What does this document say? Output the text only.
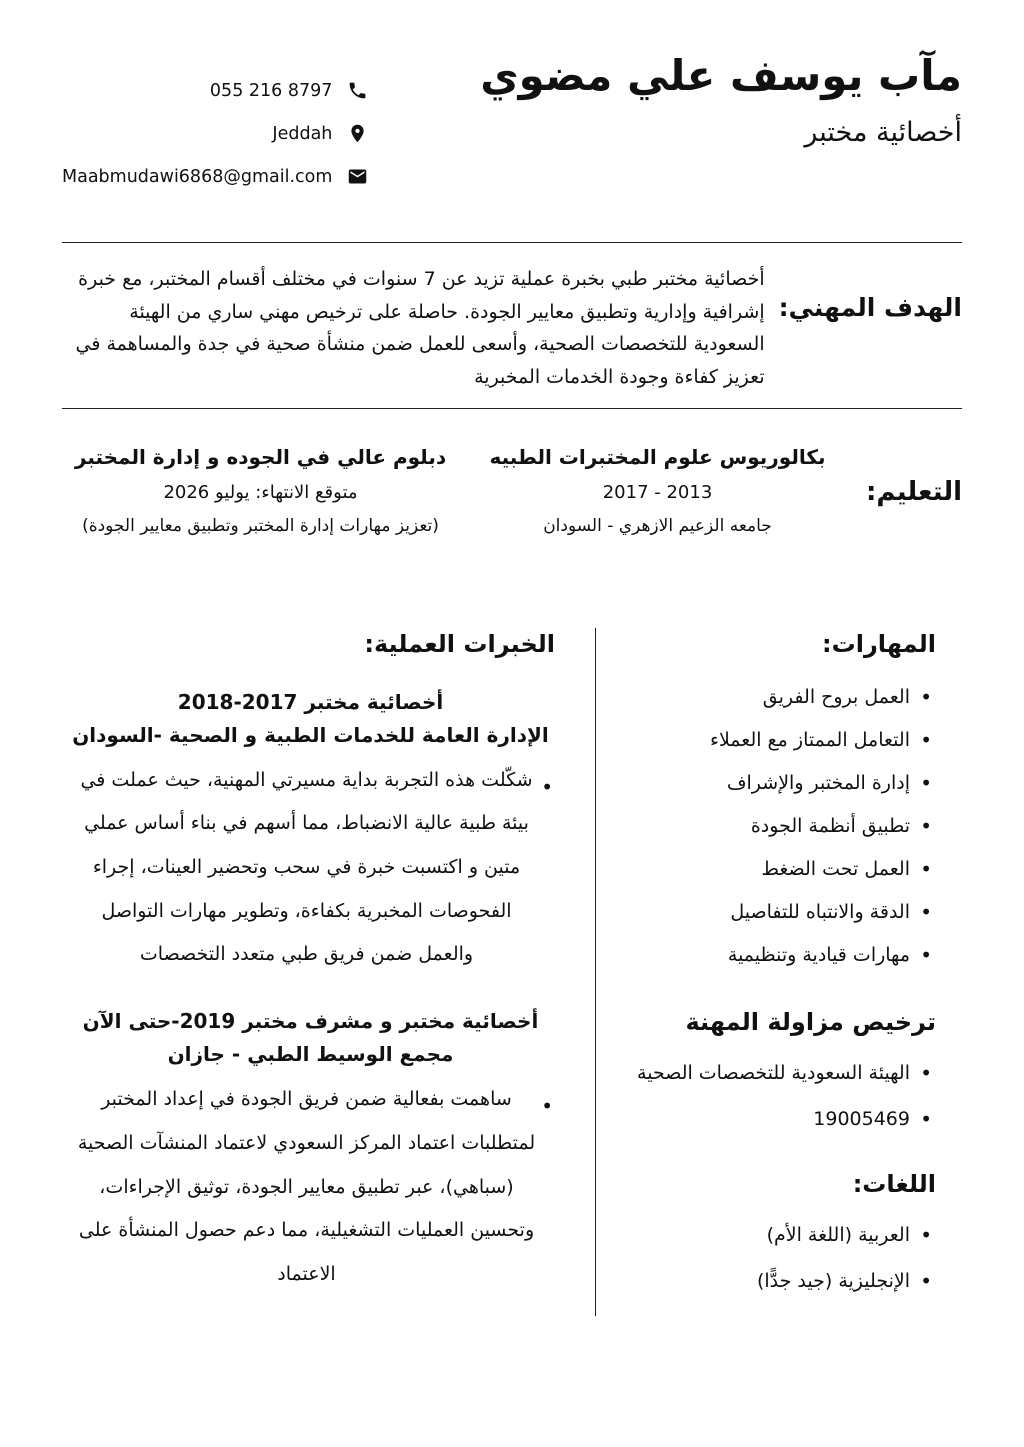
055 216 8797
Jeddah
Maabmudawi6868@gmail.com
مآب يوسف علي مضوي
أخصائية مختبر
الهدف المهني:

أخصائية مختبر طبي بخبرة عملية تزيد عن 7 سنوات في مختلف أقسام المختبر، مع خبرة إشرافية وإدارية وتطبيق معايير الجودة. حاصلة على ترخيص مهني ساري من الهيئة السعودية للتخصصات الصحية، وأسعى للعمل ضمن منشأة صحية في جدة والمساهمة في تعزيز كفاءة وجودة الخدمات المخبرية

التعليم:
بكالوريوس علوم المختبرات الطبيه
2013 - 2017
جامعه الزعيم الازهري - السودان
دبلوم عالي في الجوده و إدارة المختبر
متوقع الانتهاء: يوليو 2026
(تعزيز مهارات إدارة المختبر وتطبيق معايير الجودة)
المهارات:
• العمل بروح الفريق
• التعامل الممتاز مع العملاء
• إدارة المختبر والإشراف
• تطبيق أنظمة الجودة
• العمل تحت الضغط
• الدقة والانتباه للتفاصيل
• مهارات قيادية وتنظيمية
ترخيص مزاولة المهنة
• الهيئة السعودية للتخصصات الصحية
• 19005469
اللغات:
• العربية (اللغة الأم)
• الإنجليزية (جيد جدًّا)
الخبرات العملية:
أخصائية مختبر 2017-2018
الإدارة العامة للخدمات الطبية و الصحية -السودان

• شكّلت هذه التجربة بداية مسيرتي المهنية، حيث عملت في بيئة طبية عالية الانضباط، مما أسهم في بناء أساس عملي متين و اكتسبت خبرة في سحب وتحضير العينات، إجراء الفحوصات المخبرية بكفاءة، وتطوير مهارات التواصل والعمل ضمن فريق طبي متعدد التخصصات

أخصائية مختبر و مشرف مختبر 2019-حتى الآن
مجمع الوسيط الطبي - جازان

• ساهمت بفعالية ضمن فريق الجودة في إعداد المختبر لمتطلبات اعتماد المركز السعودي لاعتماد المنشآت الصحية (سباهي)، عبر تطبيق معايير الجودة، توثيق الإجراءات، وتحسين العمليات التشغيلية، مما دعم حصول المنشأة على الاعتماد
